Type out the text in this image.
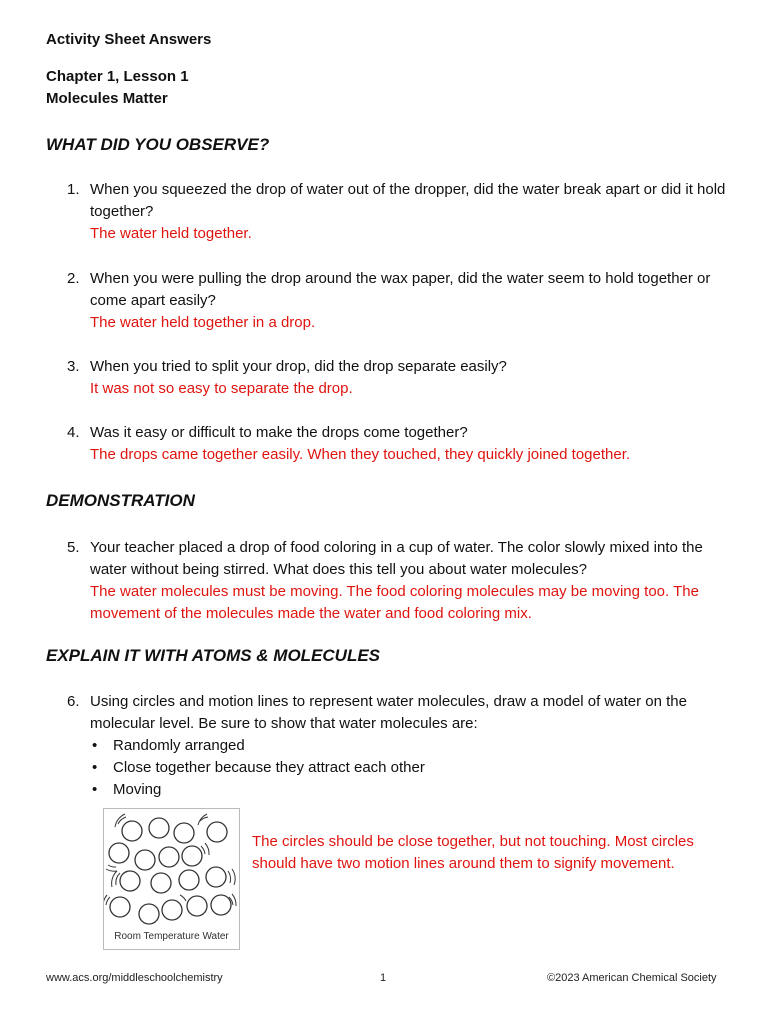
Activity Sheet Answers
Chapter 1, Lesson 1
Molecules Matter
WHAT DID YOU OBSERVE?
1. When you squeezed the drop of water out of the dropper, did the water break apart or did it hold together?
The water held together.
2. When you were pulling the drop around the wax paper, did the water seem to hold together or come apart easily?
The water held together in a drop.
3. When you tried to split your drop, did the drop separate easily?
It was not so easy to separate the drop.
4. Was it easy or difficult to make the drops come together?
The drops came together easily. When they touched, they quickly joined together.
DEMONSTRATION
5. Your teacher placed a drop of food coloring in a cup of water. The color slowly mixed into the water without being stirred. What does this tell you about water molecules?
The water molecules must be moving. The food coloring molecules may be moving too. The movement of the molecules made the water and food coloring mix.
EXPLAIN IT WITH ATOMS & MOLECULES
6. Using circles and motion lines to represent water molecules, draw a model of water on the molecular level. Be sure to show that water molecules are:
• Randomly arranged
• Close together because they attract each other
• Moving
Room Temperature Water
The circles should be close together, but not touching. Most circles should have two motion lines around them to signify movement.
www.acs.org/middleschoolchemistry	1	©2023 American Chemical Society
